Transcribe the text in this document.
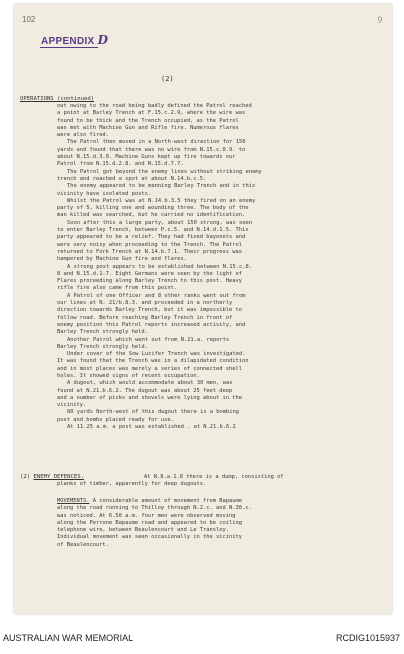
102	9
APPENDIX D
(2)
OPERATIONS (continued)
out owing to the road being badly defined the Patrol reached
a point at Barley Trench at F.15.c.2.9, where the wire was
found to be thick and the Trench occupied, as the Patrol
was met with Machine Gun and Rifle fire. Numerous flares
were also fired.
The Patrol then moved in a North-west direction for 150
yards and found that there was no wire from N.15.c.0.9. to
about N.15.d.3.9. Machine Guns kept up fire towards our
Patrol from N.15.d.2.8. and N.15.d.7.7.
The Patrol got beyond the enemy lines without striking enemy
trench and reached a spot at about N.14.b.c.5.
The enemy appeared to be manning Barley Trench and in this
vicinity have isolated posts.
Whilst the Patrol was at N.14.b.3.5 they fired on an enemy
party of 5, killing one and wounding three. The body of the
man killed was searched, but he carried no identification.
Soon after this a large party, about 150 strong, was seen
to enter Barley Trench, between P.c.5. and N.14.d.1.5. This
party appeared to be a relief. They had fixed bayonets and
were very noisy when proceeding to the Trench. The Patrol
returned to Fork Trench at N.14.b.7.1. Their progress was
hampered by Machine Gun fire and flares.
A strong post appears to be established between N.15.c.8.
8 and N.15.d.1.7. Eight Germans were seen by the light of
Flares proceeding along Barley Trench to this post. Heavy
rifle fire also came from this point.
A Patrol of one Officer and 8 other ranks went out from
our lines at N. 21/b.8.3. and proceeded in a northerly
direction towards Barley Trench, but it was impossible to
follow road. Before reaching Barley Trench in front of
enemy position this Patrol reports increased activity, and
Barley Trench strongly held.
Another Patrol which went out from N.21.a. reports
Barley Trench strongly held.
Under cover of the Sow Lucifer Trench was investigated.
It was found that the Trench was in a dilapidated condition
and in most places was merely a series of connected shell
holes. It showed signs of recent occupation.
A dugout, which would accommodate about 30 men, was
found at N.21.b.6.2. The dugout was about 25 feet deep
and a number of picks and shovels were lying about in the
vicinity.
80 yards North-west of this dugout there is a bombing
post and bombs placed ready for use.
At 11.25 a.m. a post was established . at N.21.b.6.2
(2) ENEMY DEFENCES.	At N.8.a.1.8 there is a dump, consisting of
planks of timber, apparently for deep dugouts.
MOVEMENTS. A considerable amount of movement from Bapaume
along the road running to Thilloy through N.2.c. and N.30.c.
was noticed. At 6.50 a.m. four men were observed moving
along the Perrone Bapaume road and appeared to be coiling
telephone wire, between Beaulencourt and Le Transloy.
Individual movement was seen occasionally in the vicinity
of Beaulencourt.
AUSTRALIAN WAR MEMORIAL	RCDIG1015937
